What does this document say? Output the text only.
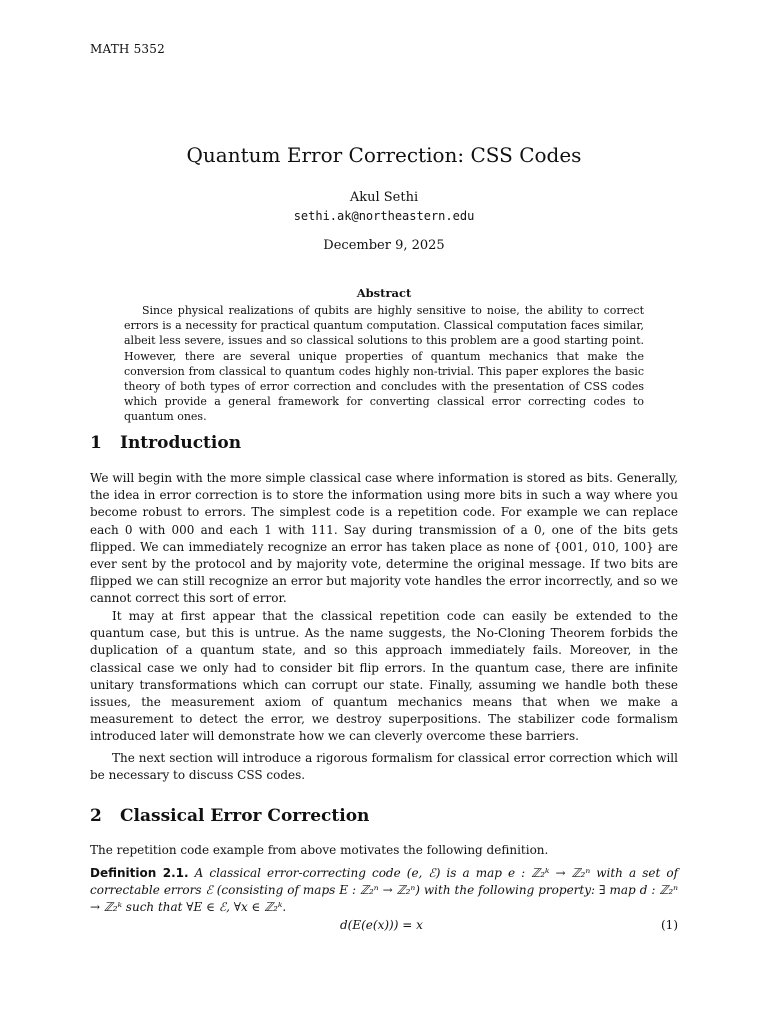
MATH 5352
Quantum Error Correction: CSS Codes
Akul Sethi
sethi.ak@northeastern.edu
December 9, 2025
Abstract

Since physical realizations of qubits are highly sensitive to noise, the ability to correct errors is a necessity for practical quantum computation. Classical computation faces similar, albeit less severe, issues and so classical solutions to this problem are a good starting point. However, there are several unique properties of quantum mechanics that make the conversion from classical to quantum codes highly non-trivial. This paper explores the basic theory of both types of error correction and concludes with the presentation of CSS codes which provide a general framework for converting classical error correcting codes to quantum ones.

1 Introduction

We will begin with the more simple classical case where information is stored as bits. Generally, the idea in error correction is to store the information using more bits in such a way where you become robust to errors. The simplest code is a repetition code. For example we can replace each 0 with 000 and each 1 with 111. Say during transmission of a 0, one of the bits gets flipped. We can immediately recognize an error has taken place as none of {001, 010, 100} are ever sent by the protocol and by majority vote, determine the original message. If two bits are flipped we can still recognize an error but majority vote handles the error incorrectly, and so we cannot correct this sort of error.

It may at first appear that the classical repetition code can easily be extended to the quantum case, but this is untrue. As the name suggests, the No-Cloning Theorem forbids the duplication of a quantum state, and so this approach immediately fails. Moreover, in the classical case we only had to consider bit flip errors. In the quantum case, there are infinite unitary transformations which can corrupt our state. Finally, assuming we handle both these issues, the measurement axiom of quantum mechanics means that when we make a measurement to detect the error, we destroy superpositions. The stabilizer code formalism introduced later will demonstrate how we can cleverly overcome these barriers.

The next section will introduce a rigorous formalism for classical error correction which will be necessary to discuss CSS codes.

2 Classical Error Correction

The repetition code example from above motivates the following definition.

Definition 2.1. A classical error-correcting code (e, ℰ) is a map e : ℤ₂ᵏ → ℤ₂ⁿ with a set of correctable errors ℰ (consisting of maps E : ℤ₂ⁿ → ℤ₂ⁿ) with the following property: ∃ map d : ℤ₂ⁿ → ℤ₂ᵏ such that ∀E ∈ ℰ, ∀x ∈ ℤ₂ᵏ.

d(E(e(x))) = x	(1)
